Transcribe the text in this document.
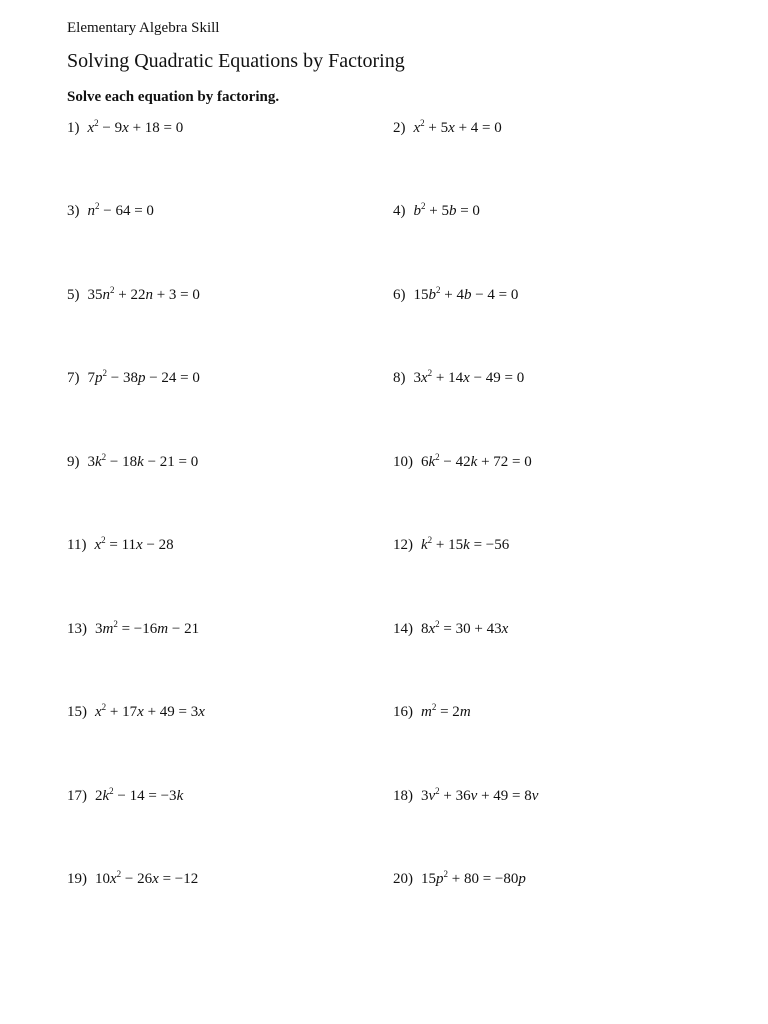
Elementary Algebra Skill
Solving Quadratic Equations by Factoring
Solve each equation by factoring.
1) $x^2 - 9x + 18 = 0$	2) $x^2 + 5x + 4 = 0$
3) $n^2 - 64 = 0$	4) $b^2 + 5b = 0$
5) $35n^2 + 22n + 3 = 0$	6) $15b^2 + 4b - 4 = 0$
7) $7p^2 - 38p - 24 = 0$	8) $3x^2 + 14x - 49 = 0$
9) $3k^2 - 18k - 21 = 0$	10) $6k^2 - 42k + 72 = 0$
11) $x^2 = 11x - 28$	12) $k^2 + 15k = -56$
13) $3m^2 = -16m - 21$	14) $8x^2 = 30 + 43x$
15) $x^2 + 17x + 49 = 3x$	16) $m^2 = 2m$
17) $2k^2 - 14 = -3k$	18) $3v^2 + 36v + 49 = 8v$
19) $10x^2 - 26x = -12$	20) $15p^2 + 80 = -80p$
